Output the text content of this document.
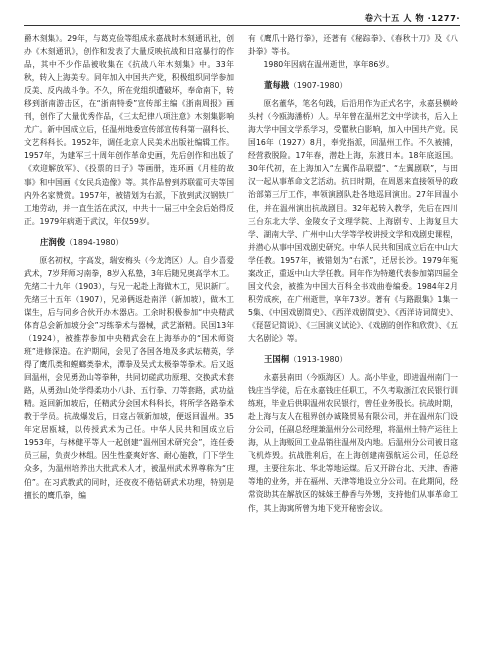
卷六十五 人 物 ·1277·

爵木刻集》。29年，与葛克俭等组成永嘉战时木刻通讯社，创办《木刻通讯》，创作和发表了大量反映抗战和日寇暴行的作品，其中不少作品被收集在《抗战八年木刻集》中。33年秋，转入上海美专。同年加入中国共产党，积极组织同学参加反美、反内战斗争。不久，所在党组织遭破坏，奉命南下，转移到浙南游击区，在“浙南特委”宣传部主编《浙南周报》画刊，创作了大量优秀作品，《三太纪律八项注意》木刻集影响尤广。新中国成立后，任温州地委宣传部宣传科第一副科长、文艺科科长。1952年，调任北京人民美术出版社编辑工作。1957年，为建军三十周年创作革命史画，先后创作和出版了《欢迎解放军》、《投票的日子》等画册，连环画《月桂的故事》和中国画《女民兵造像》等。其作品曾到苏联霍可夫等国内外名家赞赏。1957年，被错划为右派，下放到武汉钢铁厂工地劳动，并一直生活在武汉，中共十一届三中全会后始得反正。1979年病逝于武汉，年仅59岁。

庄润俊（1894-1980）

原名初权，字高发，瑞安梅头（今龙湾区）人。自少喜爱武术，7岁拜师习南拳，8岁入私塾，3年后随兄奥高学木工。先绪二十九年（1903），与兄一起赴上海做木工，见识新厂。先绪三十五年（1907），兄弟俩返赴南洋（新加坡），做木工谋生，后与同乡合伙开办木器店。工余时积极参加“中央精武体育总会新加坡分会”习练拳术与器械，武艺渐精。民国13年（1924），被推荐参加中央精武会在上海举办的“国术师资班”进修深造。在沪期间，会见了各国各地及多武坛精英，学得了鹰爪类和螳螂类拳术，潭拳及吴式太极拳等拳术。后又返回温州，会见勇劲山等拳种，共同切磋武功原理、交换武术套路，从勇劲山处学得柔功小八卦、五行拳、刀等套路，武功益精。返回新加坡后，任精武分会国术科科长，将所学各路拳术教于学员。抗战爆发后，日寇占领新加坡，便返回温州。35年定居瓯城，以传授武术为己任。中华人民共和国成立后1953年，与林健平等人一起创建“温州国术研究会”，连任委员三届，负责少林组。因生性豪爽好客、耐心施教，门下学生众多，为温州培养出大批武术人才，被温州武术界尊称为“庄伯”。在习武教武的同时，还夜夜不倦钻研武术功理，特别是擅长的鹰爪拳，编

有《鹰爪十路行拳》，还著有《秘踪拳》、《春秋十刀》及《八卦拳》等书。

1980年因病在温州逝世，享年86岁。

董每戡（1907-1980）

原名董华，笔名句践，后沿用作为正式名字，永嘉县横岭头村（今瓯海潘桥）人。早年曾在温州艺文中学读书，后入上海大学中国文学系学习，受瞿秋白影响，加入中国共产党。民国16年（1927）8月，奉党指派，回温州工作。不久被捕，经营救脱险。17年春，潜赴上海，东渡日本。18年底返国。30年代初，在上海加入“左翼作品联盟”、“左翼剧联”，与田汉一起从事革命文艺活动。抗日时期，在周恩来直接领导的政治部第三厅工作，率领演剧队赴各地巡回演出。27年回温小住，并在温州演出抗战剧目。32年起转入教学，先后在四川三台东北大学、金陵女子文理学院、上海剧专、上海复旦大学、湖南大学、广州中山大学等学校讲授文学和戏剧史课程，并潜心从事中国戏剧史研究。中华人民共和国成立后在中山大学任教。1957年，被错划为“右派”，迁居长沙。1979年冤案改正，重返中山大学任教。同年作为特邀代表参加第四届全国文代会，被推为中国大百科全书戏曲卷编委。1984年2月积劳成疾，在广州逝世，享年73岁。著有《与路跟集》1集一5集、《中国戏剧简史》、《西洋戏剧简史》、《西洋诗词简史》、《琵琶记简说》、《三国演义试论》、《戏剧的创作和欣赏》、《五大名剧论》等。

王国桐（1913-1980）

永嘉县南田（今瓯海区）人。高小毕业，即进温州南门一钱庄当学徒，后在永嘉钱庄任职工，不久考取浙江农民银行训练班，毕业后供职温州农民银行，曾任业务股长。抗战时期，赴上海与友人在租界创办诚隆贸易有限公司，并在温州东门设分公司，任副总经理兼温州分公司经理，将温州土特产运往上海，从上海贩回工业品销往温州及内地。后温州分公司被日寇飞机炸毁。抗战胜利后，在上海创建南强航运公司，任总经理，主要往东北、华北等地运煤。后又开辟台北、天津、香港等地的业务，并在福州、天津等地设立分公司。在此期间，经常资助其在解放区的妹妹王静香与外甥，支持他们从事革命工作，其上海寓所曾为地下党开秘密会议。
